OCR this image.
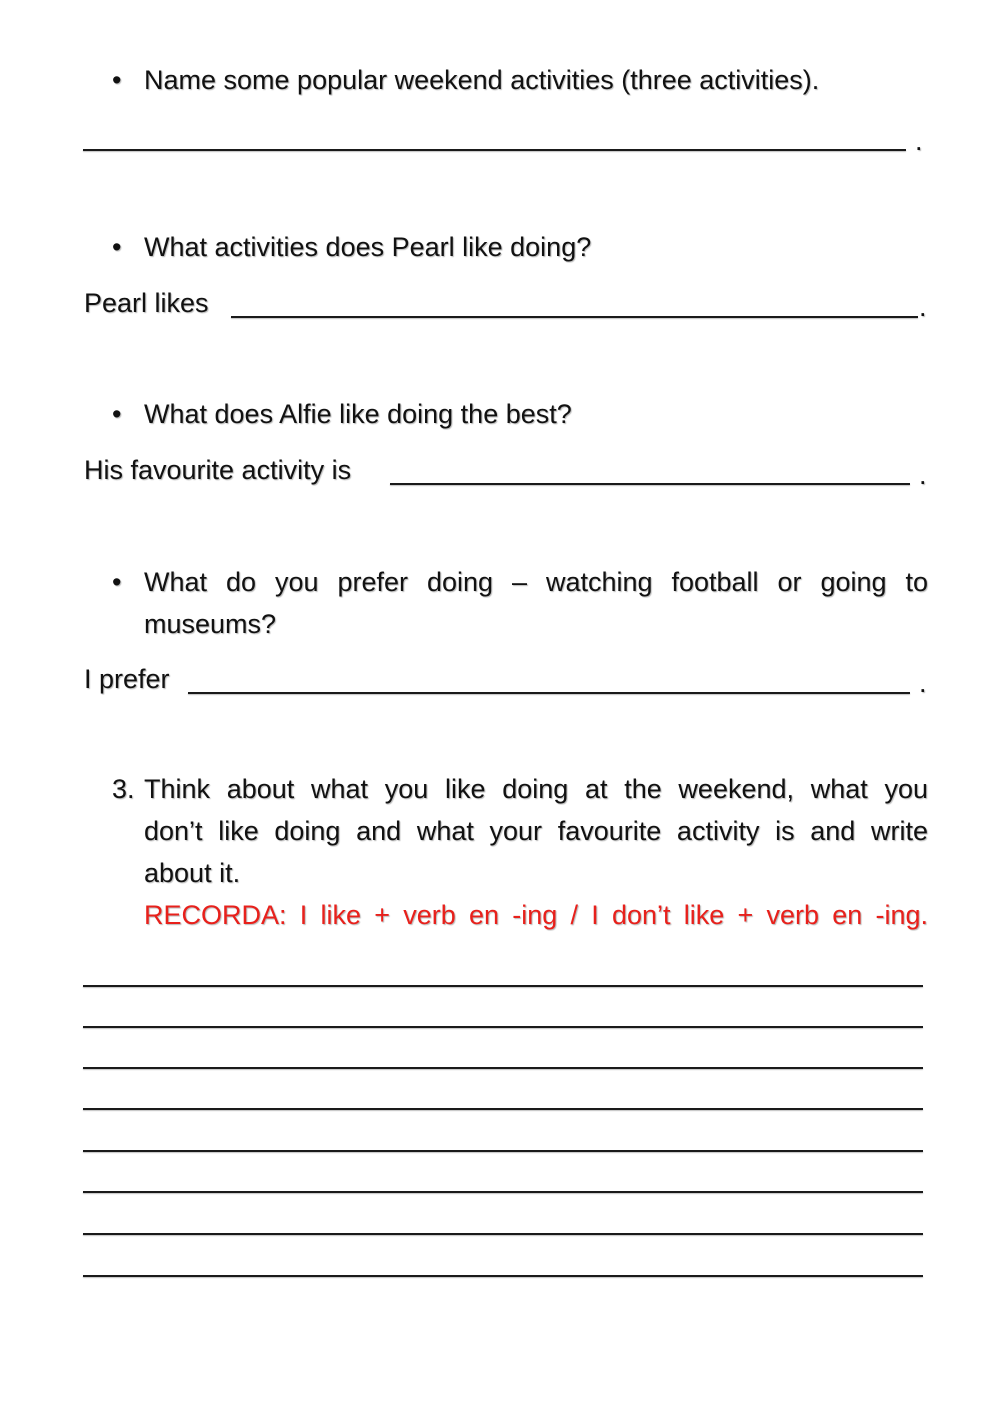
• Name some popular weekend activities (three activities).
.
• What activities does Pearl like doing?
Pearl likes	.
• What does Alfie like doing the best?
His favourite activity is	.
• What do you prefer doing – watching football or going to
museums?
I prefer	.
3. Think about what you like doing at the weekend, what you
don’t like doing and what your favourite activity is and write
about it.
RECORDA: I like + verb en -ing / I don’t like + verb en -ing.
